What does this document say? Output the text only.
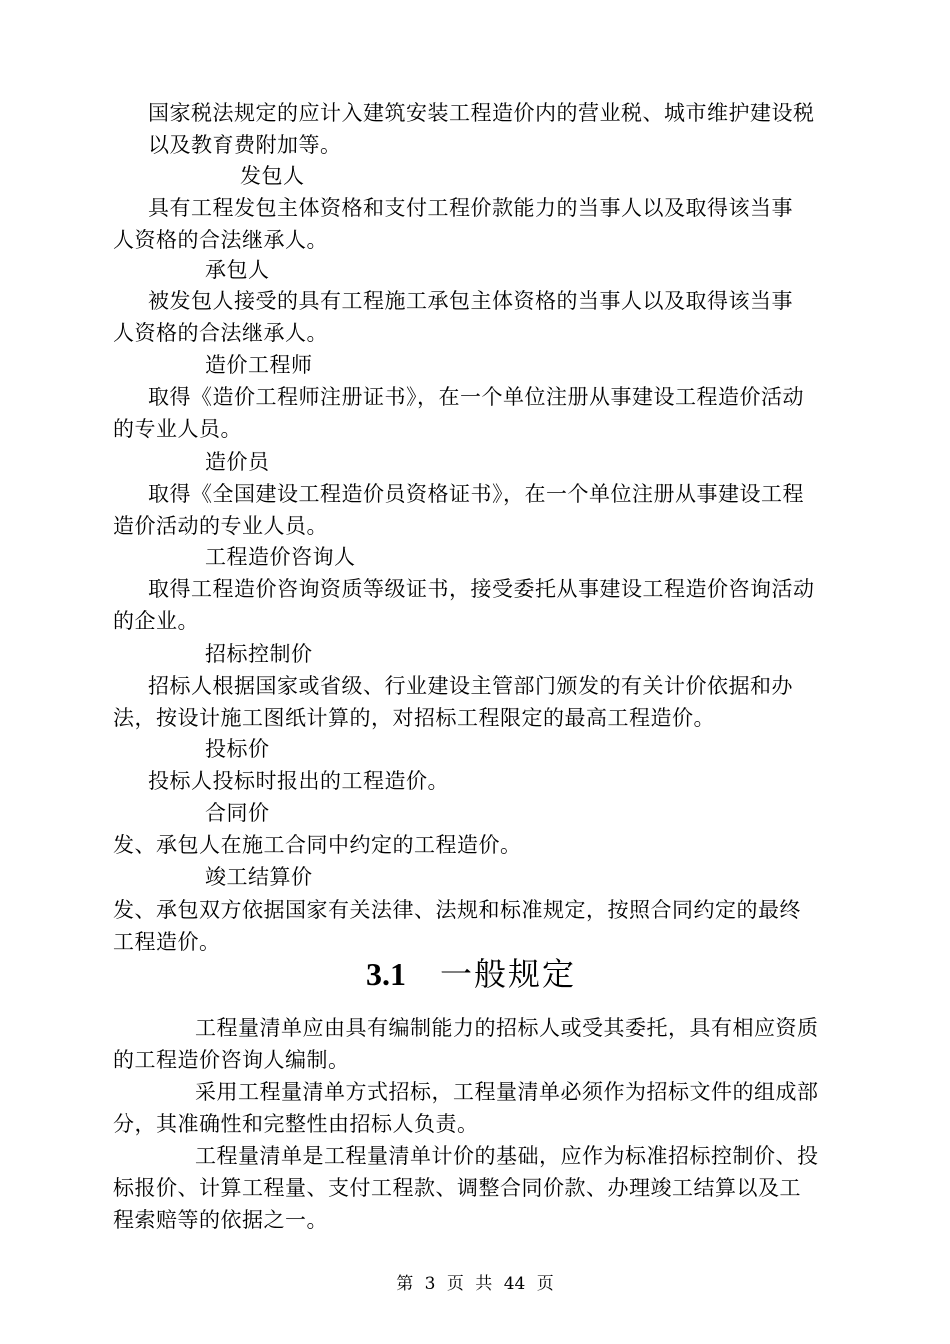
国家税法规定的应计入建筑安装工程造价内的营业税、城市维护建设税
以及教育费附加等。
发包人
具有工程发包主体资格和支付工程价款能力的当事人以及取得该当事
人资格的合法继承人。
承包人
被发包人接受的具有工程施工承包主体资格的当事人以及取得该当事
人资格的合法继承人。
造价工程师
取得《造价工程师注册证书》，在一个单位注册从事建设工程造价活动
的专业人员。
造价员
取得《全国建设工程造价员资格证书》，在一个单位注册从事建设工程
造价活动的专业人员。
工程造价咨询人
取得工程造价咨询资质等级证书，接受委托从事建设工程造价咨询活动
的企业。
招标控制价
招标人根据国家或省级、行业建设主管部门颁发的有关计价依据和办
法，按设计施工图纸计算的，对招标工程限定的最高工程造价。
投标价
投标人投标时报出的工程造价。
合同价
发、承包人在施工合同中约定的工程造价。
竣工结算价
发、承包双方依据国家有关法律、法规和标准规定，按照合同约定的最终
工程造价。
3.1 一般规定
工程量清单应由具有编制能力的招标人或受其委托，具有相应资质
的工程造价咨询人编制。
采用工程量清单方式招标，工程量清单必须作为招标文件的组成部
分，其准确性和完整性由招标人负责。
工程量清单是工程量清单计价的基础，应作为标准招标控制价、投
标报价、计算工程量、支付工程款、调整合同价款、办理竣工结算以及工
程索赔等的依据之一。
第 3 页 共 44 页
